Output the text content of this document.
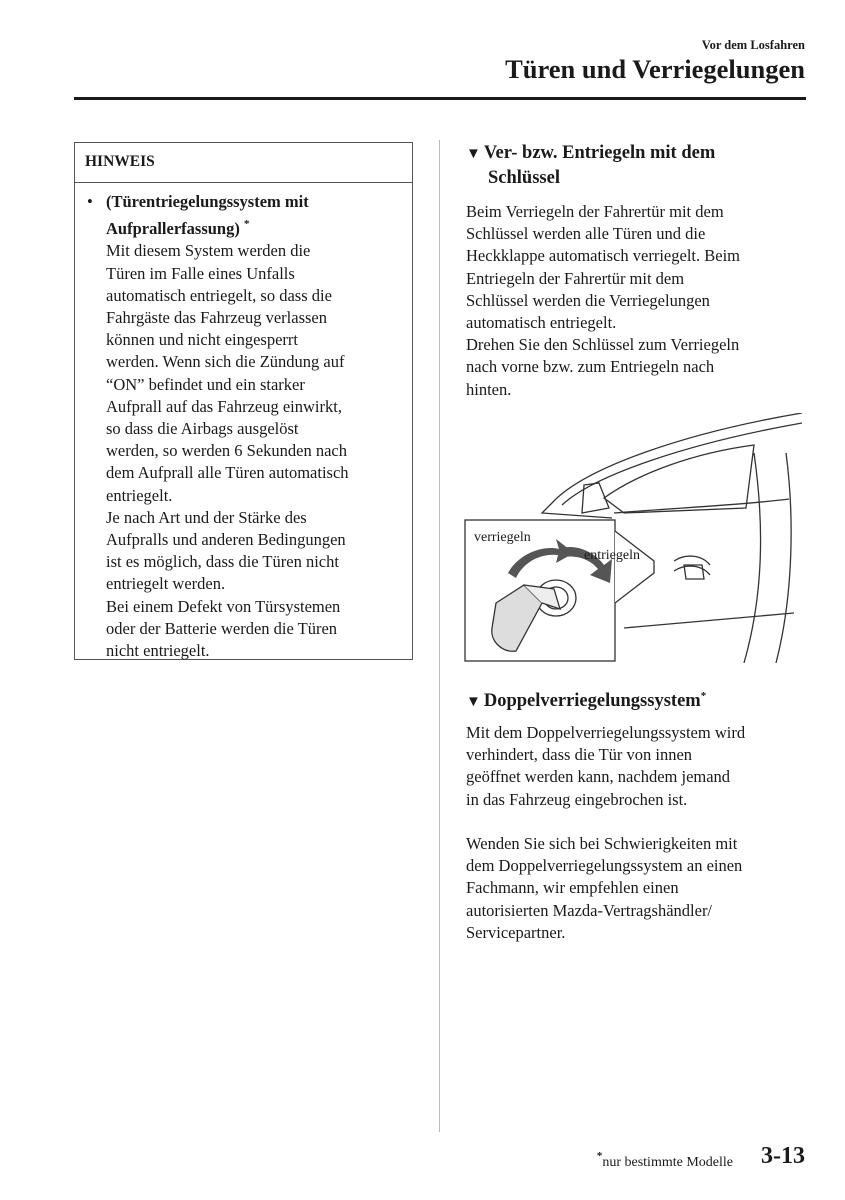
Vor dem Losfahren
Türen und Verriegelungen
HINWEIS
• (Türentriegelungssystem mit
Aufprallerfassung) *
Mit diesem System werden die
Türen im Falle eines Unfalls
automatisch entriegelt, so dass die
Fahrgäste das Fahrzeug verlassen
können und nicht eingesperrt
werden. Wenn sich die Zündung auf
“ON” befindet und ein starker
Aufprall auf das Fahrzeug einwirkt,
so dass die Airbags ausgelöst
werden, so werden 6 Sekunden nach
dem Aufprall alle Türen automatisch
entriegelt.
Je nach Art und der Stärke des
Aufpralls und anderen Bedingungen
ist es möglich, dass die Türen nicht
entriegelt werden.
Bei einem Defekt von Türsystemen
oder der Batterie werden die Türen
nicht entriegelt.
▼ Ver- bzw. Entriegeln mit dem
Schlüssel
Beim Verriegeln der Fahrertür mit dem
Schlüssel werden alle Türen und die
Heckklappe automatisch verriegelt. Beim
Entriegeln der Fahrertür mit dem
Schlüssel werden die Verriegelungen
automatisch entriegelt.
Drehen Sie den Schlüssel zum Verriegeln
nach vorne bzw. zum Entriegeln nach
hinten.
verriegeln
entriegeln
▼ Doppelverriegelungssystem*
Mit dem Doppelverriegelungssystem wird
verhindert, dass die Tür von innen
geöffnet werden kann, nachdem jemand
in das Fahrzeug eingebrochen ist.
Wenden Sie sich bei Schwierigkeiten mit
dem Doppelverriegelungssystem an einen
Fachmann, wir empfehlen einen
autorisierten Mazda-Vertragshändler/
Servicepartner.
*nur bestimmte Modelle 3-13
